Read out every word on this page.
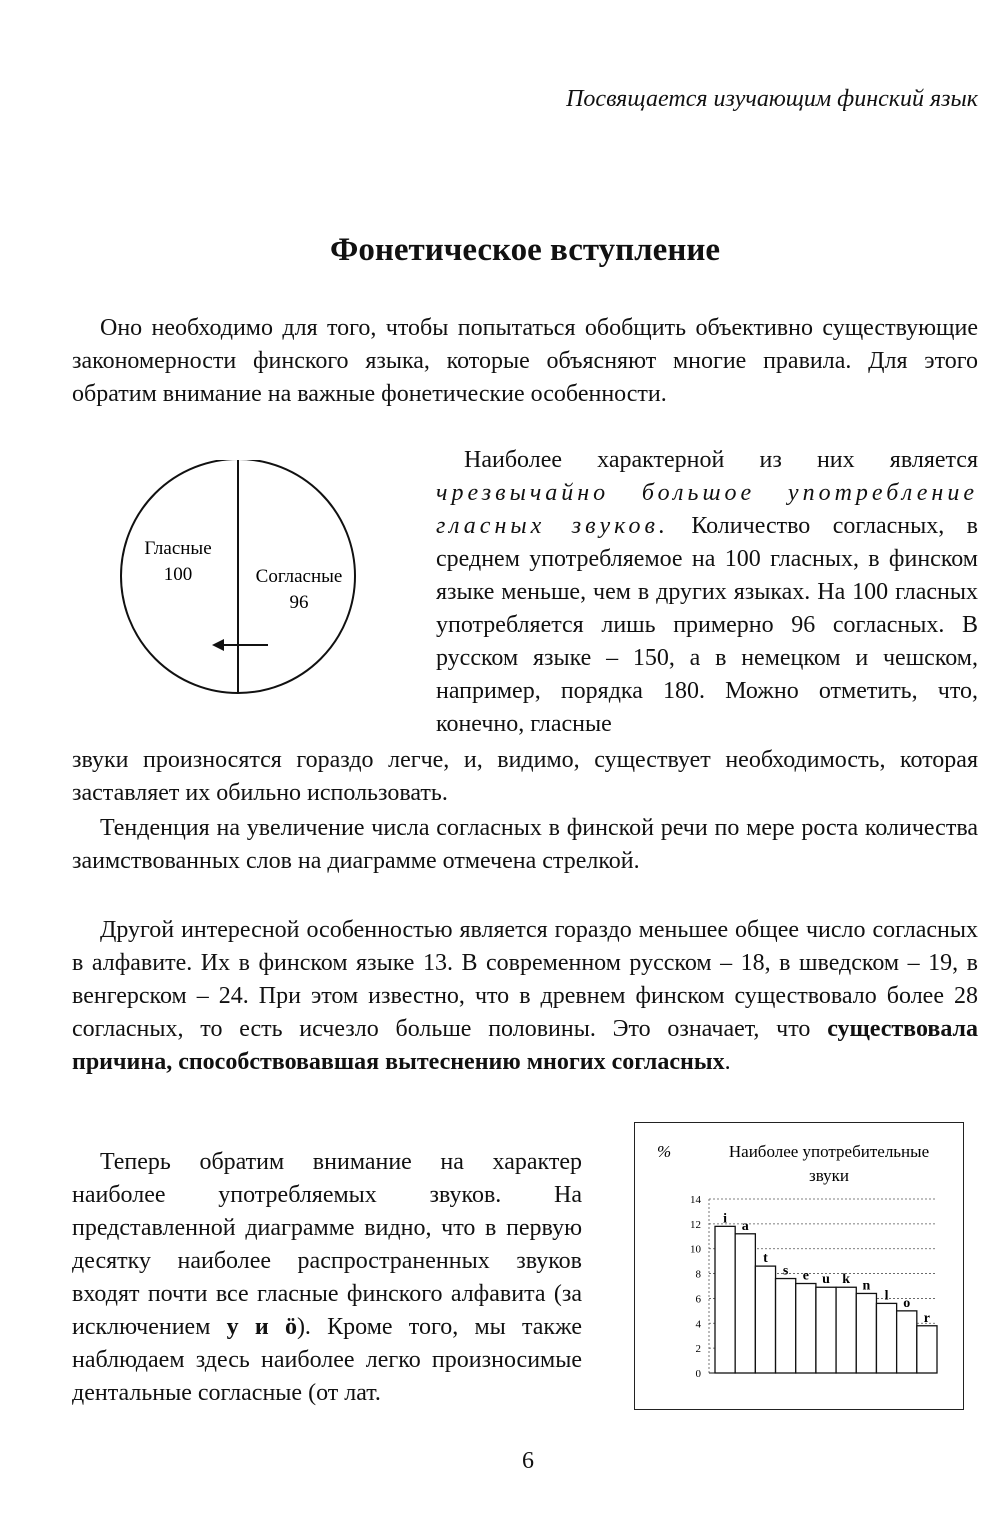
Посвящается изучающим финский язык
Фонетическое вступление

Оно необходимо для того, чтобы попытаться обобщить объективно существующие закономерности финского языка, которые объясняют многие правила. Для этого обратим внимание на важные фонетические особенности.

Гласные
100	Согласные
96

Наиболее характерной из них является чрезвычайно большое употребление гласных звуков. Количество согласных, в среднем употребляемое на 100 гласных, в финском языке меньше, чем в других языках. На 100 гласных употребляется лишь примерно 96 согласных. В русском языке – 150, а в немецком и чешском, например, порядка 180. Можно отметить, что, конечно, гласные

звуки произносятся гораздо легче, и, видимо, существует необходимость, которая заставляет их обильно использовать.

Тенденция на увеличение числа согласных в финской речи по мере роста количества заимствованных слов на диаграмме отмечена стрелкой.

Другой интересной особенностью является гораздо меньшее общее число согласных в алфавите. Их в финском языке 13. В современном русском – 18, в шведском – 19, в венгерском – 24. При этом известно, что в древнем финском существовало более 28 согласных, то есть исчезло больше половины. Это означает, что существовала причина, способствовавшая вытеснению многих согласных.

Теперь обратим внимание на характер наиболее употребляемых звуков. На представленной диаграмме видно, что в первую десятку наиболее распространенных звуков входят почти все гласные финского алфавита (за исключением у и ö). Кроме того, мы также наблюдаем здесь наиболее легко произносимые дентальные согласные (от лат.

%	Наиболее употребительные
звуки
0
2
4
6
8
10
12
14
i a
t
s e u k n
l o
r
6
